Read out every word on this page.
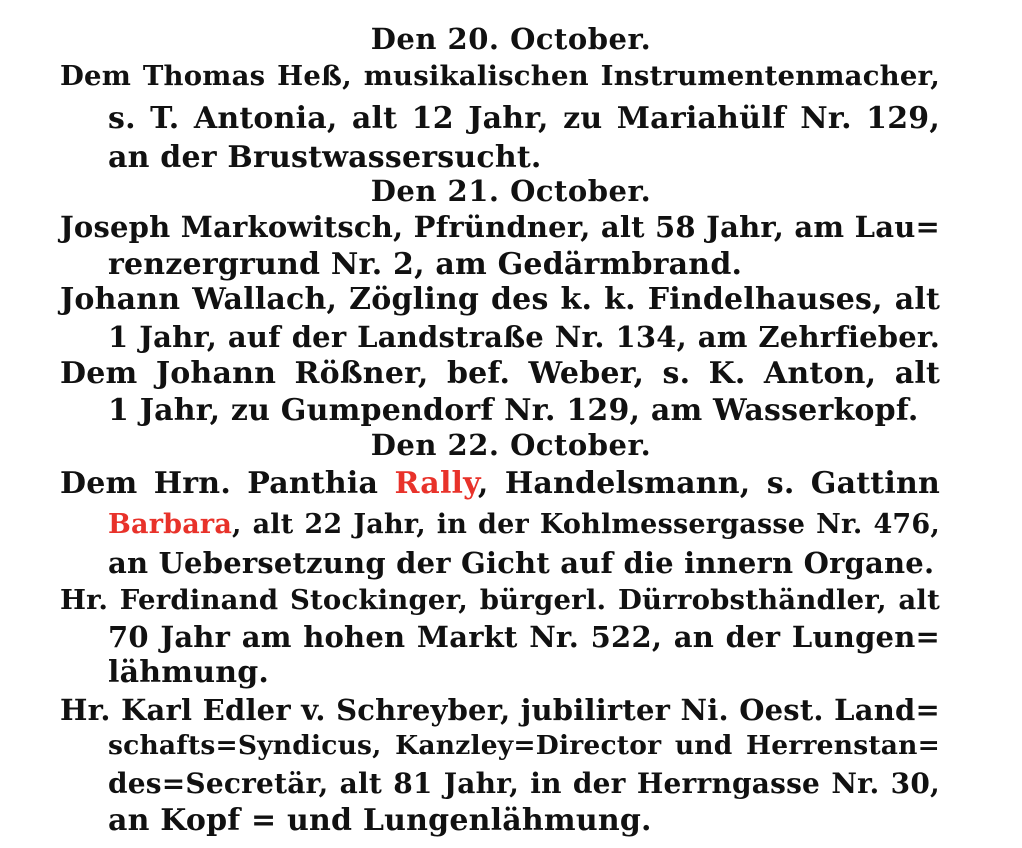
Den 20. October.
Dem Thomas Heß, musikalischen Instrumentenmacher,
s. T. Antonia, alt 12 Jahr, zu Mariahülf Nr. 129,
an der Brustwassersucht.
Den 21. October.
Joseph Markowitsch, Pfründner, alt 58 Jahr, am Lau=
renzergrund Nr. 2, am Gedärmbrand.
Johann Wallach, Zögling des k. k. Findelhauses, alt
1 Jahr, auf der Landstraße Nr. 134, am Zehrfieber.
Dem Johann Rößner, bef. Weber, s. K. Anton, alt
1 Jahr, zu Gumpendorf Nr. 129, am Wasserkopf.
Den 22. October.
Dem Hrn. Panthia Rally, Handelsmann, s. Gattinn
Barbara, alt 22 Jahr, in der Kohlmessergasse Nr. 476,
an Uebersetzung der Gicht auf die innern Organe.
Hr. Ferdinand Stockinger, bürgerl. Dürrobsthändler, alt
70 Jahr am hohen Markt Nr. 522, an der Lungen=
lähmung.
Hr. Karl Edler v. Schreyber, jubilirter Ni. Oest. Land=
schafts=Syndicus, Kanzley=Director und Herrenstan=
des=Secretär, alt 81 Jahr, in der Herrngasse Nr. 30,
an Kopf = und Lungenlähmung.
